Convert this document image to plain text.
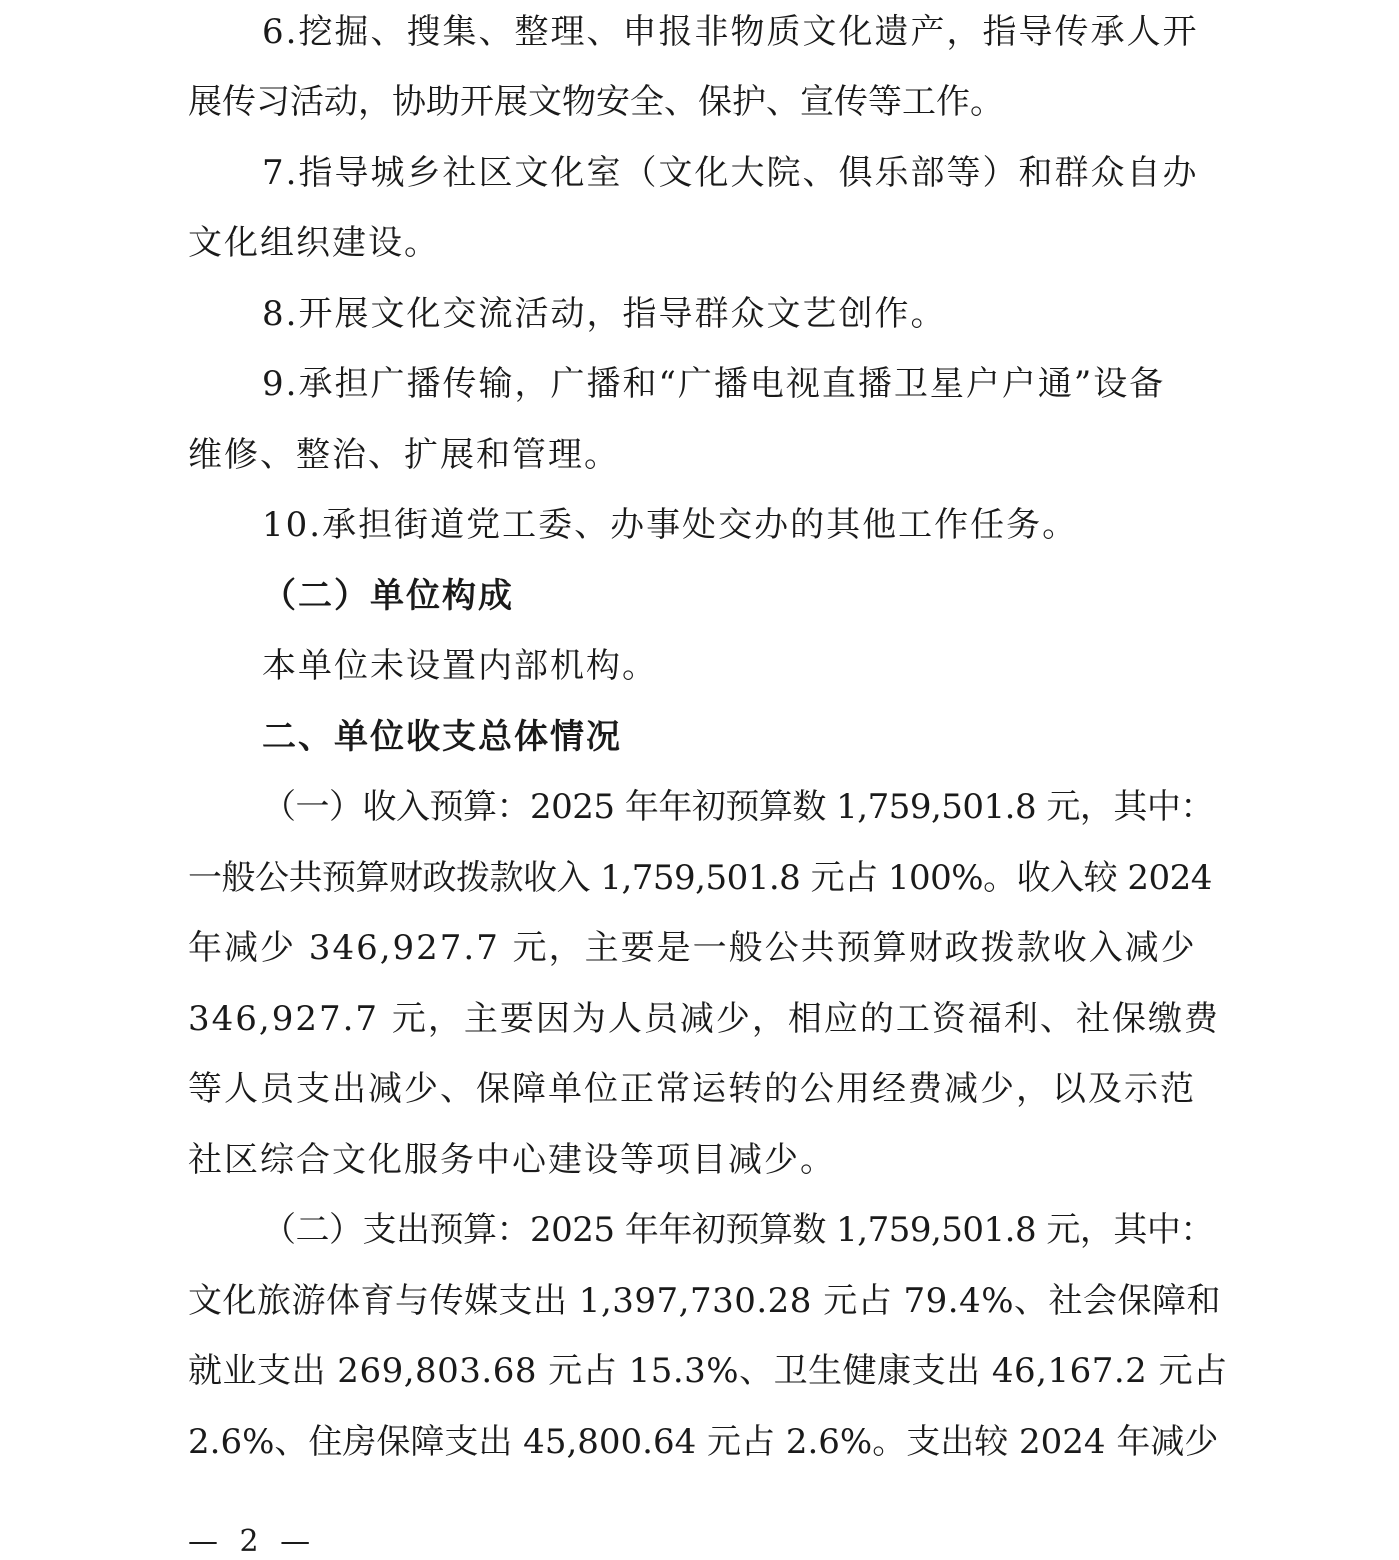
6.挖掘、搜集、整理、申报非物质文化遗产，指导传承人开
展传习活动，协助开展文物安全、保护、宣传等工作。
7.指导城乡社区文化室（文化大院、俱乐部等）和群众自办
文化组织建设。
8.开展文化交流活动，指导群众文艺创作。
9.承担广播传输，广播和“广播电视直播卫星户户通”设备
维修、整治、扩展和管理。
10.承担街道党工委、办事处交办的其他工作任务。
（二）单位构成
本单位未设置内部机构。
二、单位收支总体情况
（一）收入预算：2025 年年初预算数 1,759,501.8 元，其中：
一般公共预算财政拨款收入 1,759,501.8 元占 100%。收入较 2024
年减少 346,927.7 元，主要是一般公共预算财政拨款收入减少
346,927.7 元，主要因为人员减少，相应的工资福利、社保缴费
等人员支出减少、保障单位正常运转的公用经费减少，以及示范
社区综合文化服务中心建设等项目减少。
（二）支出预算：2025 年年初预算数 1,759,501.8 元，其中：
文化旅游体育与传媒支出 1,397,730.28 元占 79.4%、社会保障和
就业支出 269,803.68 元占 15.3%、卫生健康支出 46,167.2 元占
2.6%、住房保障支出 45,800.64 元占 2.6%。支出较 2024 年减少
— 2 —
